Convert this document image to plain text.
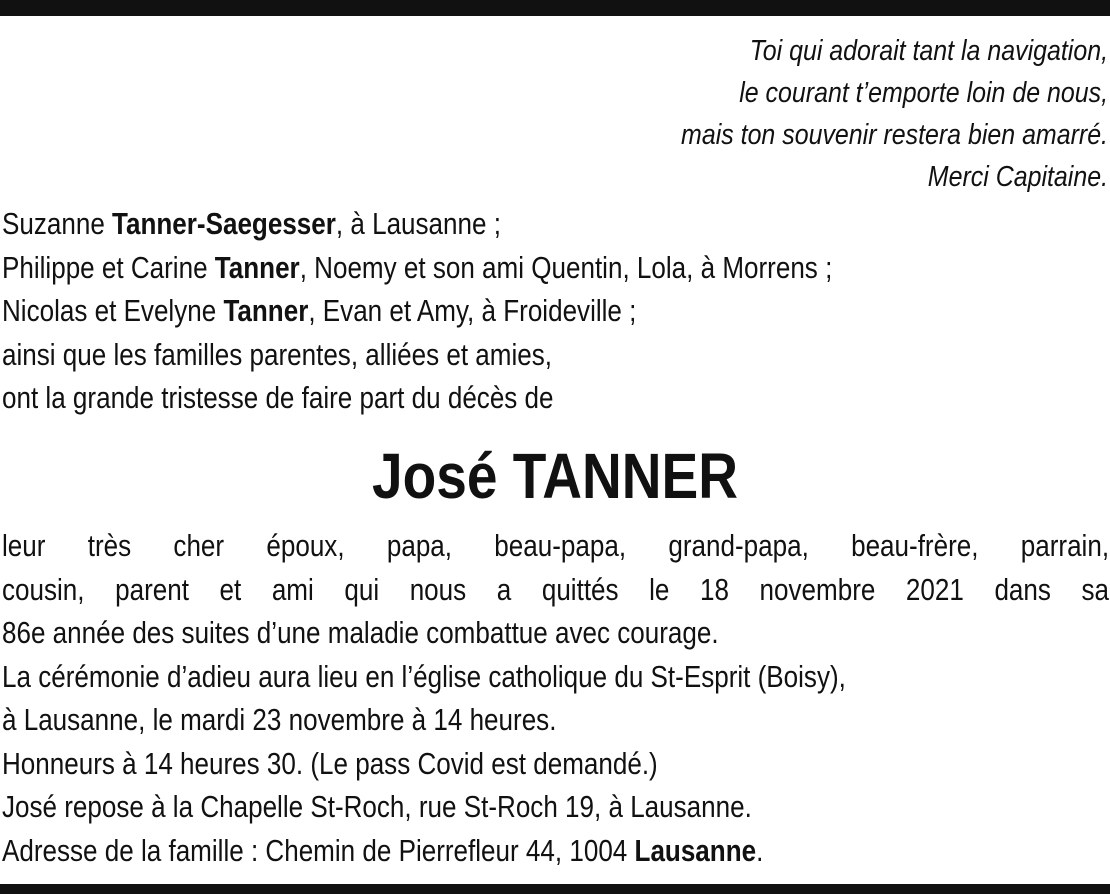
Toi qui adorait tant la navigation,
le courant t’emporte loin de nous,
mais ton souvenir restera bien amarré.
Merci Capitaine.
Suzanne Tanner-Saegesser, à Lausanne ;
Philippe et Carine Tanner, Noemy et son ami Quentin, Lola, à Morrens ;
Nicolas et Evelyne Tanner, Evan et Amy, à Froideville ;
ainsi que les familles parentes, alliées et amies,
ont la grande tristesse de faire part du décès de
José TANNER
leur très cher époux, papa, beau-papa, grand-papa, beau-frère, parrain,
cousin, parent et ami qui nous a quittés le 18 novembre 2021 dans sa
86e année des suites d’une maladie combattue avec courage.
La cérémonie d’adieu aura lieu en l’église catholique du St-Esprit (Boisy),
à Lausanne, le mardi 23 novembre à 14 heures.
Honneurs à 14 heures 30. (Le pass Covid est demandé.)
José repose à la Chapelle St-Roch, rue St-Roch 19, à Lausanne.
Adresse de la famille : Chemin de Pierrefleur 44, 1004 Lausanne.
